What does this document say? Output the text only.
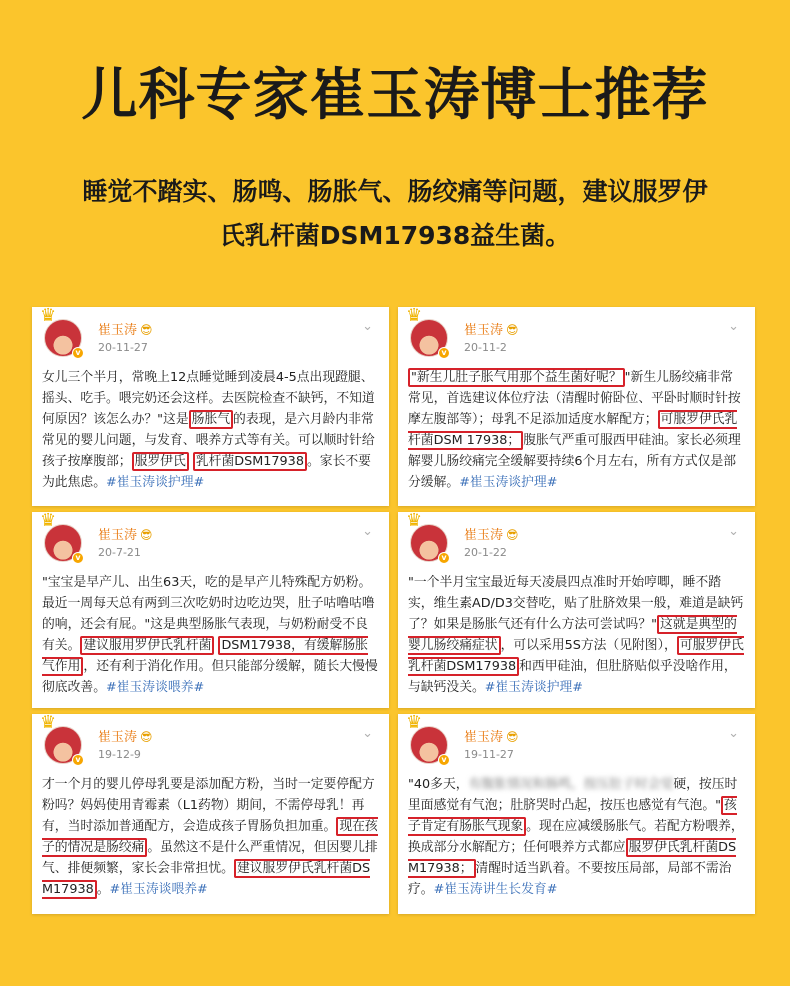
儿科专家崔玉涛博士推荐
睡觉不踏实、肠鸣、肠胀气、肠绞痛等问题，建议服罗伊
氏乳杆菌DSM17938益生菌。
♛
v
崔玉涛 😎
20-11-27
⌄
女儿三个半月，常晚上12点睡觉睡到凌晨4-5点出现蹬腿、摇头、吃手。喂完奶还会这样。去医院检查不缺钙，不知道何原因？该怎么办？"这是 肠胀气 的表现，是六月龄内非常常见的婴儿问题，与发育、喂养方式等有关。可以顺时针给孩子按摩腹部； 服罗伊氏 乳杆菌DSM17938 。家长不要为此焦虑。#崔玉涛谈护理#
♛
v
崔玉涛 😎
20-11-2
⌄
"新生儿肚子胀气用那个益生菌好呢？ "新生儿肠绞痛非常常见，首选建议体位疗法（清醒时俯卧位、平卧时顺时针按摩左腹部等）；母乳不足添加适度水解配方； 可服罗伊氏乳杆菌DSM 17938； 腹胀气严重可服西甲硅油。家长必须理解婴儿肠绞痛完全缓解要持续6个月左右，所有方式仅是部分缓解。#崔玉涛谈护理#
♛
v
崔玉涛 😎
20-7-21
⌄
"宝宝是早产儿、出生63天，吃的是早产儿特殊配方奶粉。最近一周每天总有两到三次吃奶时边吃边哭，肚子咕噜咕噜的响，还会有屁。"这是典型肠胀气表现，与奶粉耐受不良有关。 建议服用罗伊氏乳杆菌 DSM17938，有缓解肠胀气作用 ，还有利于消化作用。但只能部分缓解，随长大慢慢彻底改善。#崔玉涛谈喂养#
♛
v
崔玉涛 😎
20-1-22
⌄
"一个半月宝宝最近每天凌晨四点准时开始哼唧，睡不踏实，维生素AD/D3交替吃，贴了肚脐效果一般，难道是缺钙了？如果是肠胀气还有什么方法可尝试吗？" 这就是典型的婴儿肠绞痛症状 ，可以采用5S方法（见附图）， 可服罗伊氏乳杆菌DSM17938 和西甲硅油，但肚脐贴似乎没啥作用，与缺钙没关。#崔玉涛谈护理#
♛
v
崔玉涛 😎
19-12-9
⌄
才一个月的婴儿停母乳要是添加配方粉，当时一定要停配方粉吗？妈妈使用青霉素（L1药物）期间，不需停母乳！再有，当时添加普通配方，会造成孩子胃肠负担加重。 现在孩子的情况是肠绞痛 。虽然这不是什么严重情况，但因婴儿排气、排便频繁，家长会非常担忧。 建议服罗伊氏乳杆菌DSM17938 。#崔玉涛谈喂养#
♛
v
崔玉涛 😎
19-11-27
⌄
"40多天，有腹胀情况和肠鸣，按压肚子时会觉硬，按压时里面感觉有气泡；肚脐哭时凸起，按压也感觉有气泡。" 孩子肯定有肠胀气现象 。现在应减缓肠胀气。若配方粉喂养，换成部分水解配方；任何喂养方式都应 服罗伊氏乳杆菌DSM17938； 清醒时适当趴着。不要按压局部，局部不需治疗。#崔玉涛讲生长发育#
